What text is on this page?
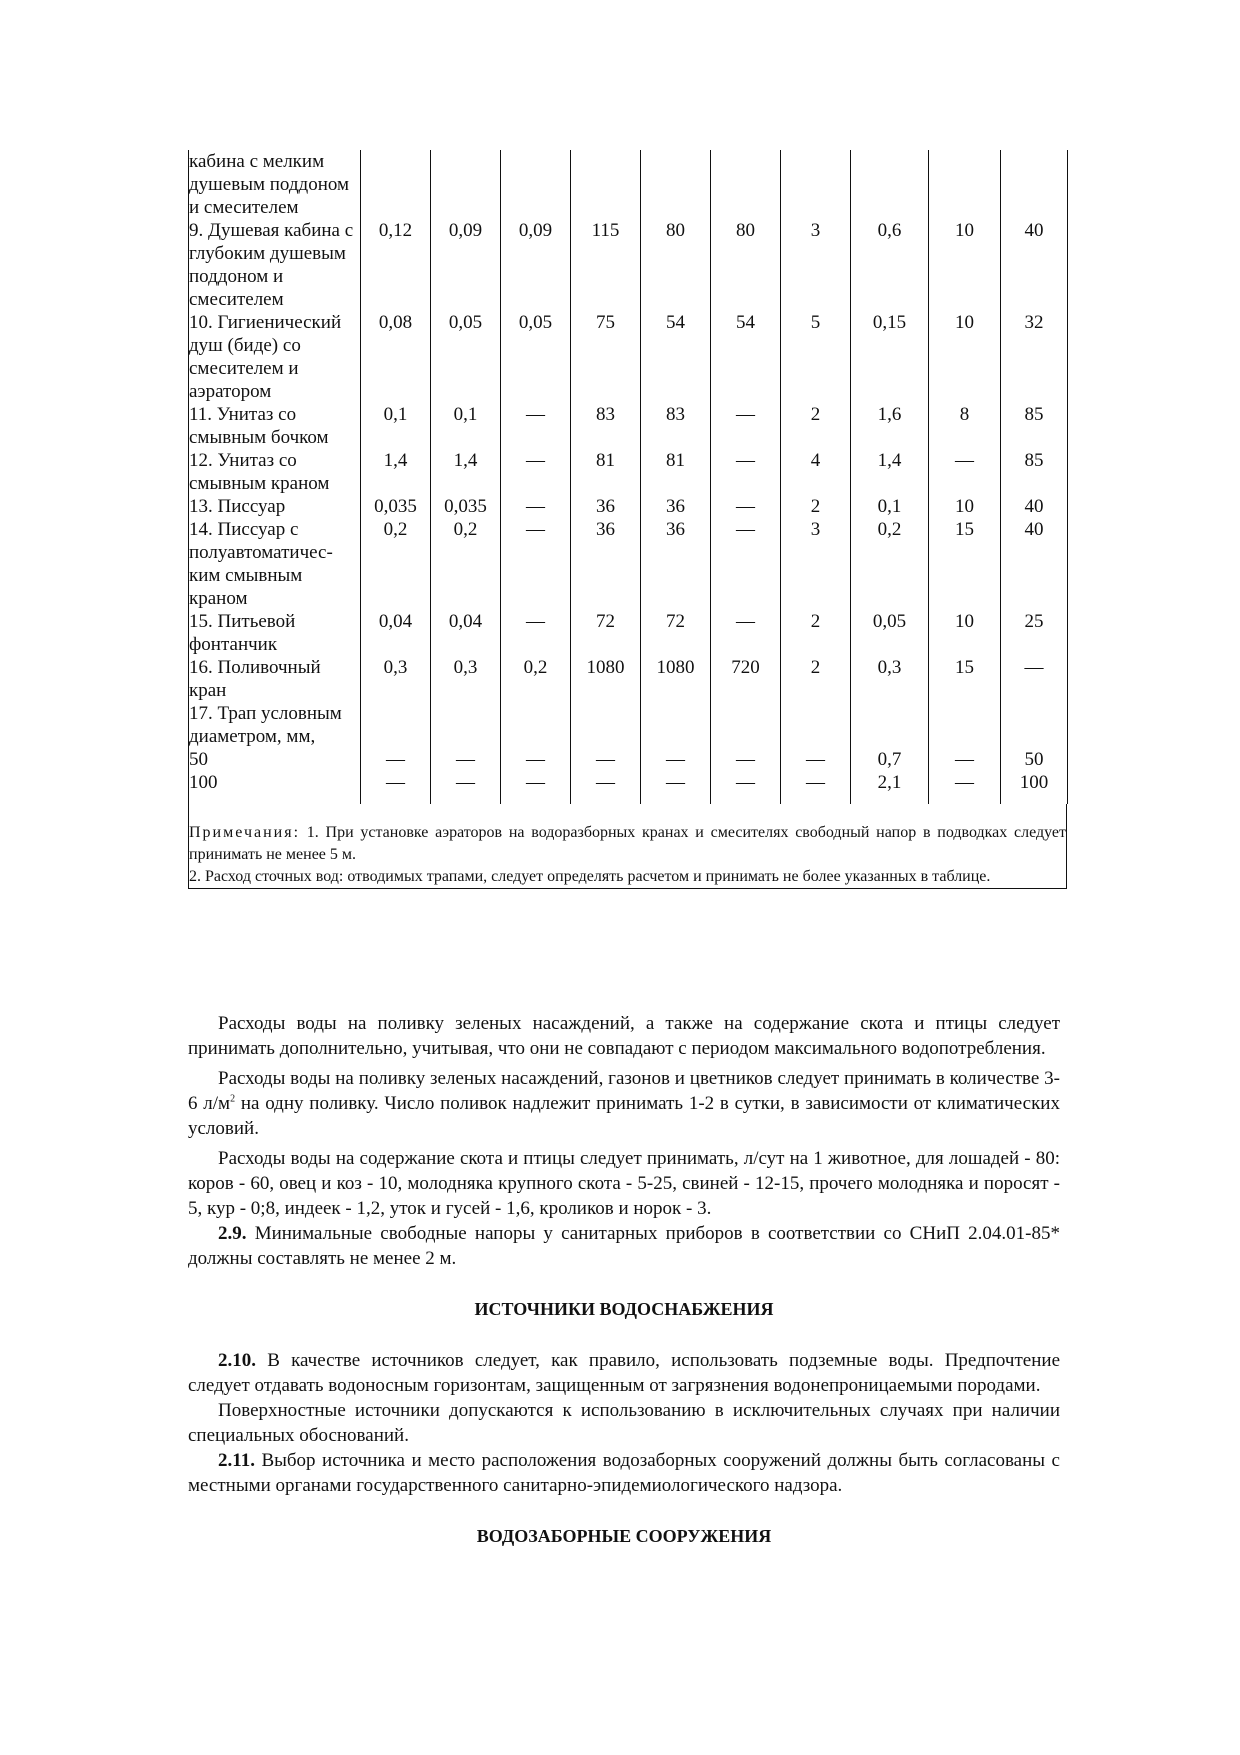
кабина с мелким душевым поддоном и смесителем										
9. Душевая кабина с глубоким душевым поддоном и смесителем	0,12	0,09	0,09	115	80	80	3	0,6	10	40
10. Гигиенический душ (биде) со смесителем и аэратором	0,08	0,05	0,05	75	54	54	5	0,15	10	32
11. Унитаз со смывным бочком	0,1	0,1	—	83	83	—	2	1,6	8	85
12. Унитаз со смывным краном	1,4	1,4	—	81	81	—	4	1,4	—	85
13. Писсуар	0,035	0,035	—	36	36	—	2	0,1	10	40
14. Писсуар с полуавтоматичес-ким смывным краном	0,2	0,2	—	36	36	—	3	0,2	15	40
15. Питьевой фонтанчик	0,04	0,04	—	72	72	—	2	0,05	10	25
16. Поливочный кран	0,3	0,3	0,2	1080	1080	720	2	0,3	15	—
17. Трап условным диаметром, мм,										
50	—	—	—	—	—	—	—	0,7	—	50
100	—	—	—	—	—	—	—	2,1	—	100

Примечания: 1. При установке аэраторов на водоразборных кранах и смесителях свободный напор в подводках следует принимать не менее 5 м.

2. Расход сточных вод: отводимых трапами, следует определять расчетом и принимать не более указанных в таблице.

Расходы воды на поливку зеленых насаждений, а также на содержание скота и птицы следует принимать дополнительно, учитывая, что они не совпадают с периодом максимального водопотребления.

Расходы воды на поливку зеленых насаждений, газонов и цветников следует принимать в количестве 3-6 $л/м^2$ на одну поливку. Число поливок надлежит принимать 1-2 в сутки, в зависимости от климатических условий.

Расходы воды на содержание скота и птицы следует принимать, л/сут на 1 животное, для лошадей - 80: коров - 60, овец и коз - 10, молодняка крупного скота - 5-25, свиней - 12-15, прочего молодняка и поросят - 5, кур - 0;8, индеек - 1,2, уток и гусей - 1,6, кроликов и норок - 3.

2.9. Минимальные свободные напоры у санитарных приборов в соответствии со СНиП 2.04.01-85* должны составлять не менее 2 м.

ИСТОЧНИКИ ВОДОСНАБЖЕНИЯ

2.10. В качестве источников следует, как правило, использовать подземные воды. Предпочтение следует отдавать водоносным горизонтам, защищенным от загрязнения водонепроницаемыми породами.

Поверхностные источники допускаются к использованию в исключительных случаях при наличии специальных обоснований.

2.11. Выбор источника и место расположения водозаборных сооружений должны быть согласованы с местными органами государственного санитарно-эпидемиологического надзора.

ВОДОЗАБОРНЫЕ СООРУЖЕНИЯ
